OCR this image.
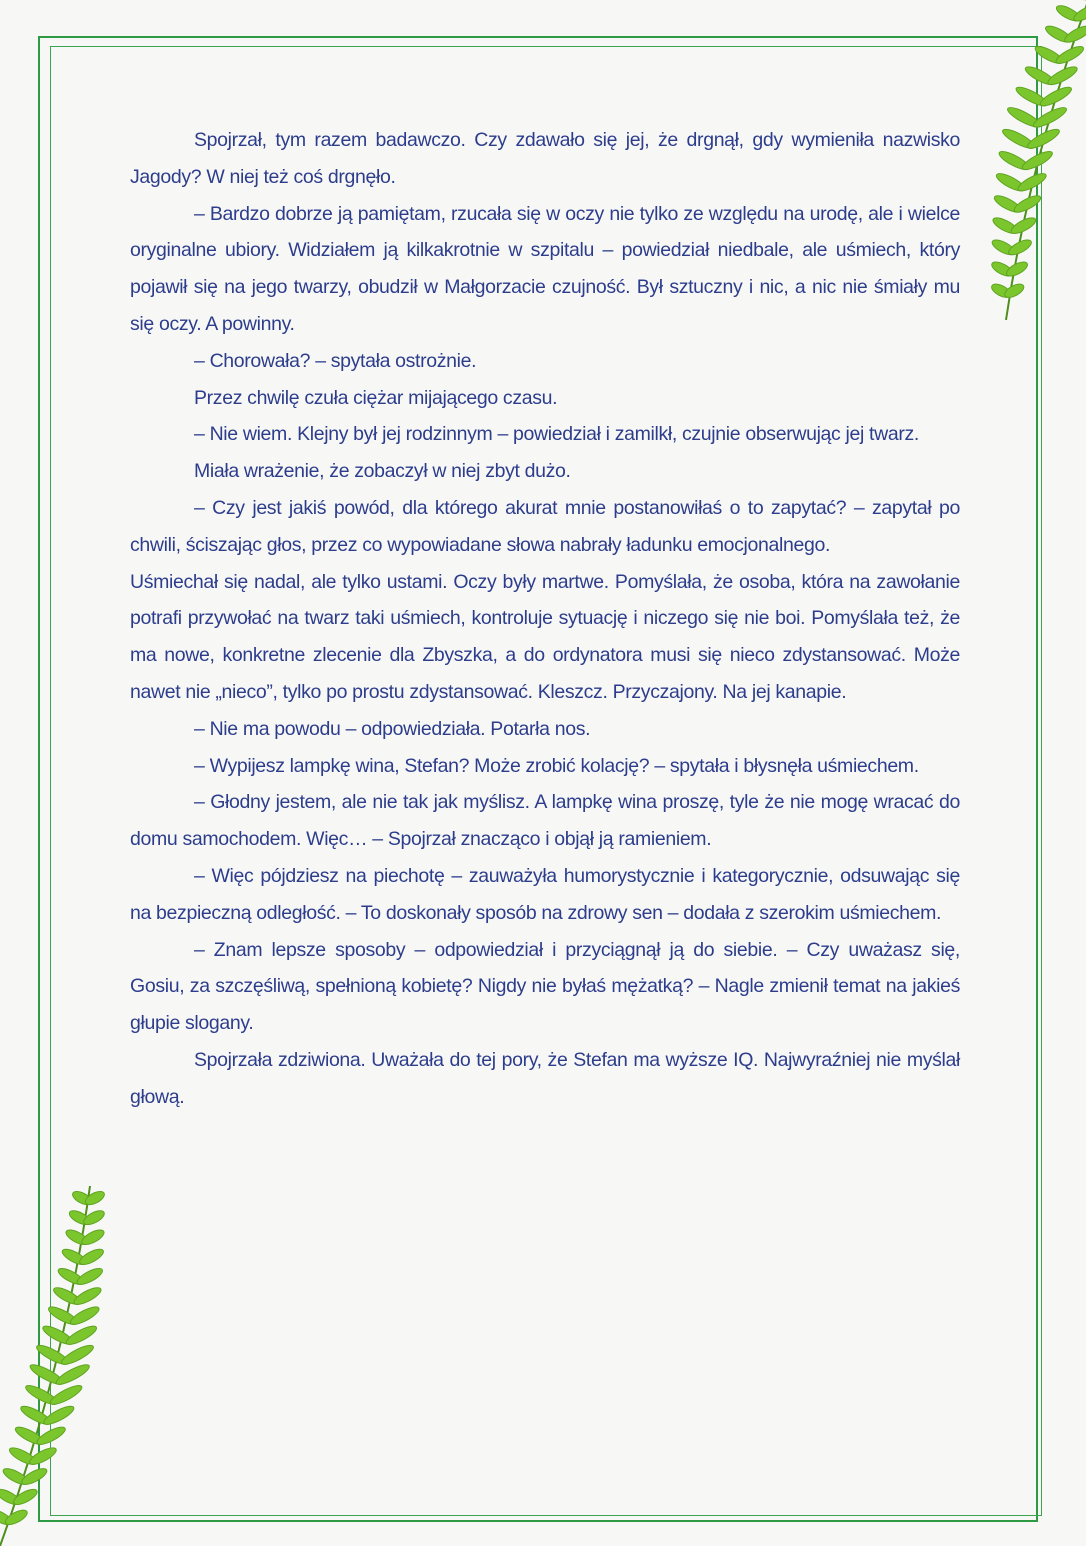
Spojrzał, tym razem badawczo. Czy zdawało się jej, że drgnął, gdy wymieniła nazwisko Jagody? W niej też coś drgnęło.

– Bardzo dobrze ją pamiętam, rzucała się w oczy nie tylko ze względu na urodę, ale i wielce oryginalne ubiory. Widziałem ją kilkakrotnie w szpitalu – powiedział niedbale, ale uśmiech, który pojawił się na jego twarzy, obudził w Małgorzacie czujność. Był sztuczny i nic, a nic nie śmiały mu się oczy. A powinny.

– Chorowała? – spytała ostrożnie.

Przez chwilę czuła ciężar mijającego czasu.

– Nie wiem. Klejny był jej rodzinnym – powiedział i zamilkł, czujnie obserwując jej twarz.

Miała wrażenie, że zobaczył w niej zbyt dużo.

– Czy jest jakiś powód, dla którego akurat mnie postanowiłaś o to zapytać? – zapytał po chwili, ściszając głos, przez co wypowiadane słowa nabrały ładunku emocjonalnego.

Uśmiechał się nadal, ale tylko ustami. Oczy były martwe. Pomyślała, że osoba, która na zawołanie potrafi przywołać na twarz taki uśmiech, kontroluje sytuację i niczego się nie boi. Pomyślała też, że ma nowe, konkretne zlecenie dla Zbyszka, a do ordynatora musi się nieco zdystansować. Może nawet nie „nieco”, tylko po prostu zdystansować. Kleszcz. Przyczajony. Na jej kanapie.

– Nie ma powodu – odpowiedziała. Potarła nos.

– Wypijesz lampkę wina, Stefan? Może zrobić kolację? – spytała i błysnęła uśmiechem.

– Głodny jestem, ale nie tak jak myślisz. A lampkę wina proszę, tyle że nie mogę wracać do domu samochodem. Więc… – Spojrzał znacząco i objął ją ramieniem.

– Więc pójdziesz na piechotę – zauważyła humorystycznie i kategorycznie, odsuwając się na bezpieczną odległość. – To doskonały sposób na zdrowy sen – dodała z szerokim uśmiechem.

– Znam lepsze sposoby – odpowiedział i przyciągnął ją do siebie. – Czy uważasz się, Gosiu, za szczęśliwą, spełnioną kobietę? Nigdy nie byłaś mężatką? – Nagle zmienił temat na jakieś głupie slogany.

Spojrzała zdziwiona. Uważała do tej pory, że Stefan ma wyższe IQ. Najwyraźniej nie myślał głową.
